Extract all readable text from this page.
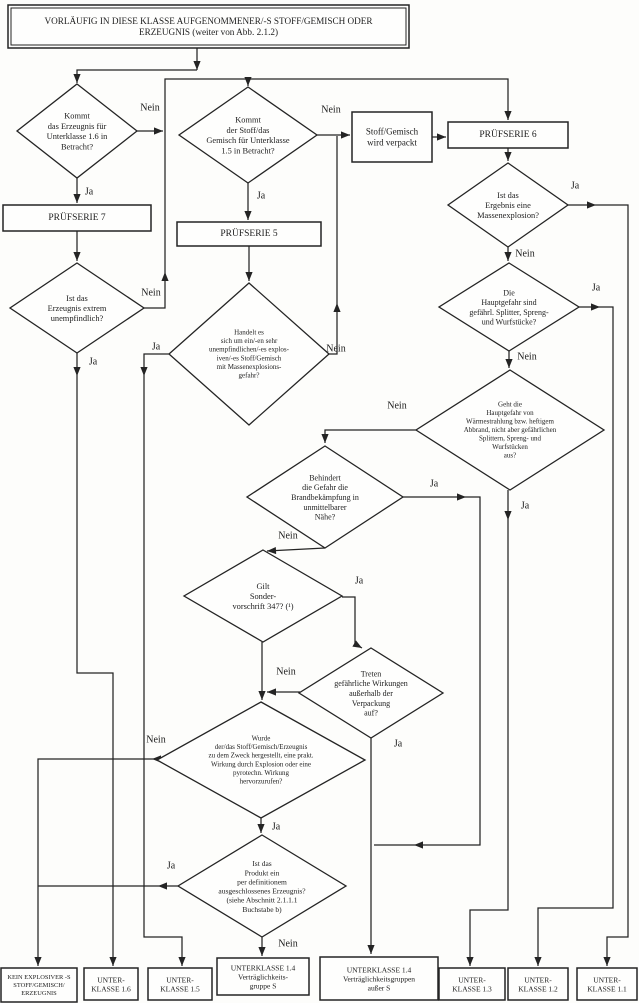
VORLÄUFIG IN DIESE KLASSE AUFGENOMMENER/-S STOFF/GEMISCH ODER ERZEUGNIS (weiter von Abb. 2.1.2)
PRÜFSERIE 7
PRÜFSERIE 5
Stoff/Gemisch wird verpackt
PRÜFSERIE 6
Kommt das Erzeugnis für Unterklasse 1.6 in Betracht?
Kommt der Stoff/das Gemisch für Unterklasse 1.5 in Betracht?
Ist das Erzeugnis extrem unempfindlich?
Handelt es sich um ein/-en sehr unempfindlichen/-es explos-iven/-es Stoff/Gemisch mit Massenexplosions-gefahr?
Ist das Ergebnis eine Massenexplosion?
Die Hauptgefahr sind gefährl. Splitter, Spreng-und Wurfstücke?
Geht die Hauptgefahr von Wärmestrahlung bzw. heftigem Abbrand, nicht aber gefährlichen Splittern, Spreng- und Wurfstücken aus?
Behindert die Gefahr die Brandbekämpfung in unmittelbarer Nähe?
Gilt Sonder-vorschrift 347? (¹)
Treten gefährliche Wirkungen außerhalb der Verpackung auf?
Wurde der/das Stoff/Gemisch/Erzeugnis zu dem Zweck hergestellt, eine prakt. Wirkung durch Explosion oder eine pyrotechn. Wirkung hervorzurufen?
Ist das Produkt ein per definitionem ausgeschlossenes Erzeugnis? (siehe Abschnitt 2.1.1.1 Buchstabe b)
KEIN EXPLOSIVER -S STOFF/GEMISCH/ ERZEUGNIS
UNTER-KLASSE 1.6
UNTER-KLASSE 1.5
UNTERKLASSE 1.4 Verträglichkeits-gruppe S
UNTERKLASSE 1.4 Verträglichkeitsgruppen außer S
UNTER-KLASSE 1.3
UNTER-KLASSE 1.2
UNTER-KLASSE 1.1
Nein
Ja
Nein
Ja
Nein
Ja
Ja	Nein
Ja
Nein
Ja
Nein
Nein
Ja
Ja
Nein
Ja
Nein
Ja
Nein
Ja
Ja
Nein
